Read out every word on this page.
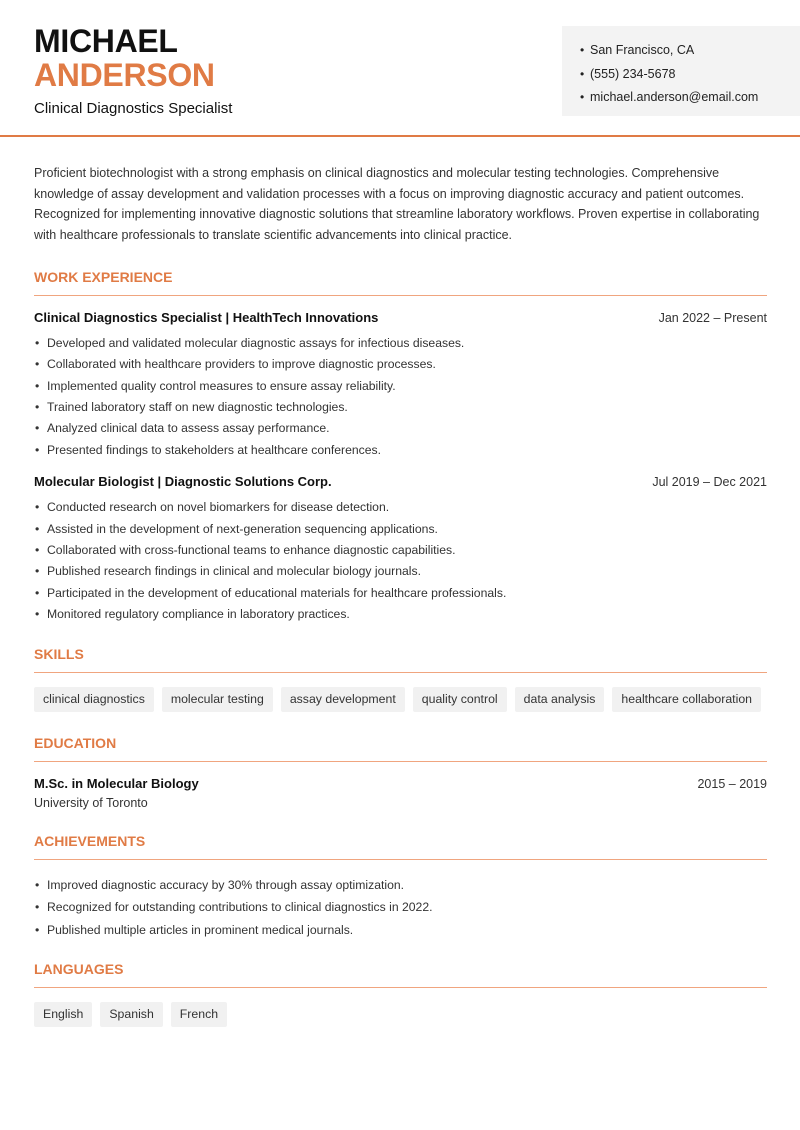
MICHAEL
ANDERSON
Clinical Diagnostics Specialist
• San Francisco, CA
• (555) 234-5678
• michael.anderson@email.com

Proficient biotechnologist with a strong emphasis on clinical diagnostics and molecular testing technologies. Comprehensive knowledge of assay development and validation processes with a focus on improving diagnostic accuracy and patient outcomes. Recognized for implementing innovative diagnostic solutions that streamline laboratory workflows. Proven expertise in collaborating with healthcare professionals to translate scientific advancements into clinical practice.

WORK EXPERIENCE
Clinical Diagnostics Specialist | HealthTech Innovations	Jan 2022 – Present
• Developed and validated molecular diagnostic assays for infectious diseases.
• Collaborated with healthcare providers to improve diagnostic processes.
• Implemented quality control measures to ensure assay reliability.
• Trained laboratory staff on new diagnostic technologies.
• Analyzed clinical data to assess assay performance.
• Presented findings to stakeholders at healthcare conferences.
Molecular Biologist | Diagnostic Solutions Corp.	Jul 2019 – Dec 2021
• Conducted research on novel biomarkers for disease detection.
• Assisted in the development of next-generation sequencing applications.
• Collaborated with cross-functional teams to enhance diagnostic capabilities.
• Published research findings in clinical and molecular biology journals.
• Participated in the development of educational materials for healthcare professionals.
• Monitored regulatory compliance in laboratory practices.
SKILLS
clinical diagnostics	molecular testing	assay development	quality control	data analysis	healthcare collaboration
EDUCATION
M.Sc. in Molecular Biology	2015 – 2019
University of Toronto
ACHIEVEMENTS
• Improved diagnostic accuracy by 30% through assay optimization.
• Recognized for outstanding contributions to clinical diagnostics in 2022.
• Published multiple articles in prominent medical journals.
LANGUAGES
English	Spanish	French
